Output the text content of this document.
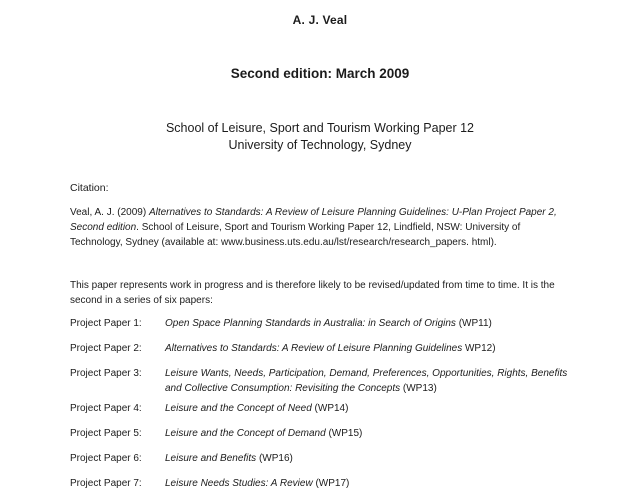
A. J. Veal
Second edition: March 2009
School of Leisure, Sport and Tourism Working Paper 12
University of Technology, Sydney
Citation:
Veal, A. J. (2009) Alternatives to Standards: A Review of Leisure Planning Guidelines: U-Plan Project Paper 2, Second edition. School of Leisure, Sport and Tourism Working Paper 12, Lindfield, NSW: University of Technology, Sydney (available at: www.business.uts.edu.au/lst/research/research_papers. html).
This paper represents work in progress and is therefore likely to be revised/updated from time to time. It is the second in a series of six papers:
Project Paper 1:	Open Space Planning Standards in Australia: in Search of Origins (WP11)
Project Paper 2:	Alternatives to Standards: A Review of Leisure Planning Guidelines WP12)
Project Paper 3:	Leisure Wants, Needs, Participation, Demand, Preferences, Opportunities, Rights, Benefits and Collective Consumption: Revisiting the Concepts (WP13)
Project Paper 4:	Leisure and the Concept of Need (WP14)
Project Paper 5:	Leisure and the Concept of Demand (WP15)
Project Paper 6:	Leisure and Benefits (WP16)
Project Paper 7:	Leisure Needs Studies: A Review (WP17)
